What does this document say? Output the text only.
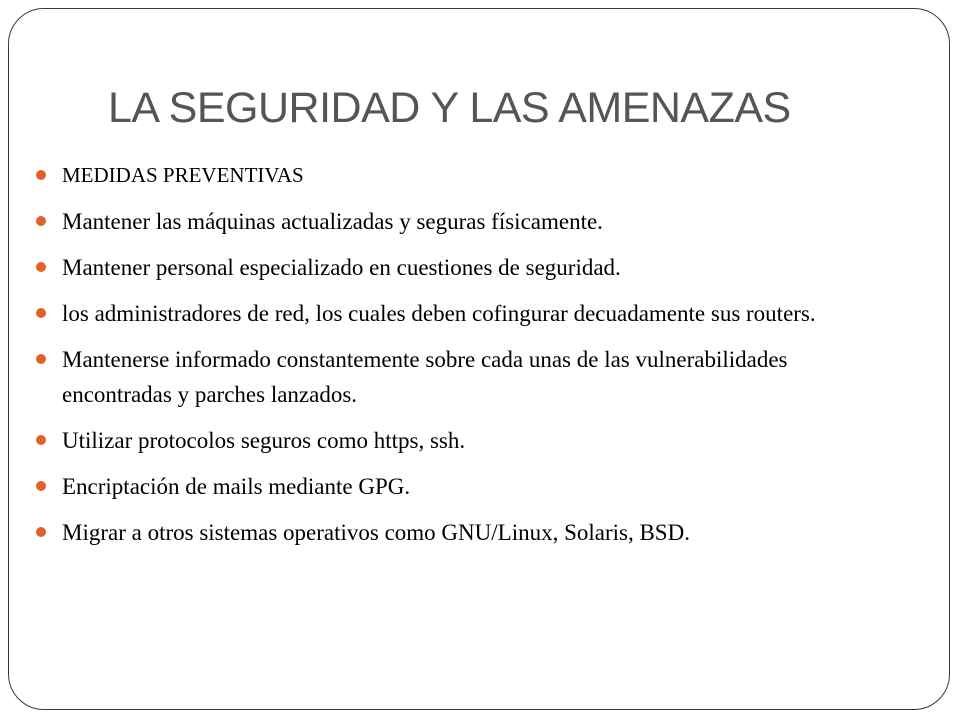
LA SEGURIDAD Y LAS AMENAZAS
MEDIDAS PREVENTIVAS
Mantener las máquinas actualizadas y seguras físicamente.
Mantener personal especializado en cuestiones de seguridad.
los administradores de red, los cuales deben cofingurar decuadamente sus routers.
Mantenerse informado constantemente sobre cada unas de las vulnerabilidades encontradas y parches lanzados.
Utilizar protocolos seguros como https, ssh.
Encriptación de mails mediante GPG.
Migrar a otros sistemas operativos como GNU/Linux, Solaris, BSD.
